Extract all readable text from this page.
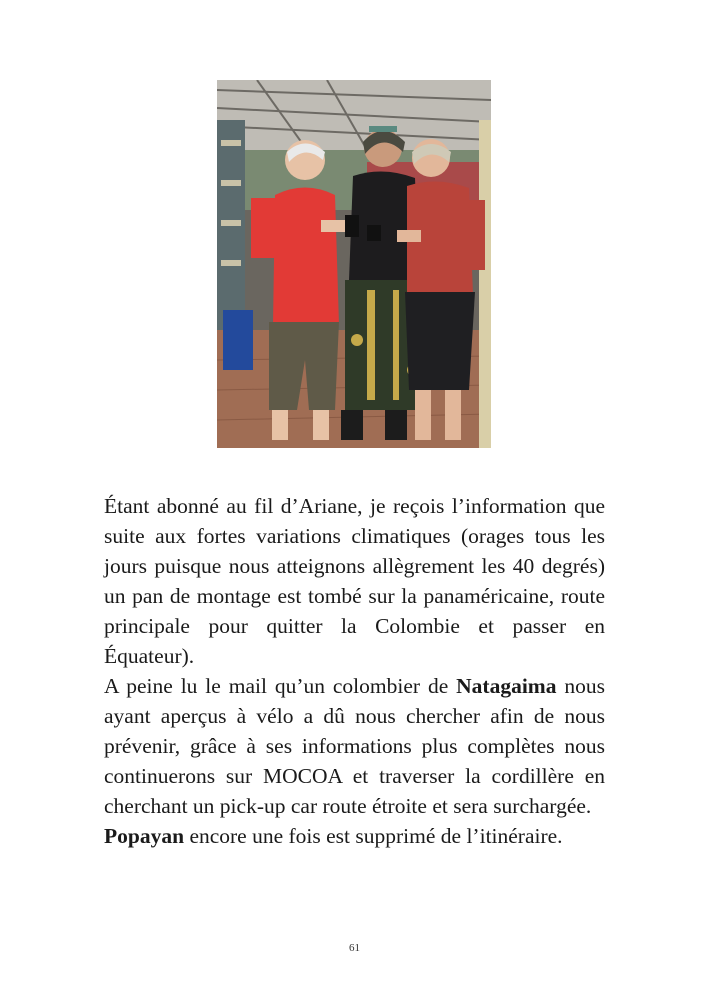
Étant abonné au fil d’Ariane, je reçois l’information que suite aux fortes variations climatiques (orages tous les jours puisque nous atteignons allègrement les 40 degrés) un pan de montage est tombé sur la panaméricaine, route principale pour quitter la Colombie et passer en Équateur).

A peine lu le mail qu’un colombier de Natagaima nous ayant aperçus à vélo a dû nous chercher afin de nous prévenir, grâce à ses informations plus complètes nous continuerons sur MOCOA et traverser la cordillère en cherchant un pick-up car route étroite et sera surchargée.

Popayan encore une fois est supprimé de l’itinéraire.

61
